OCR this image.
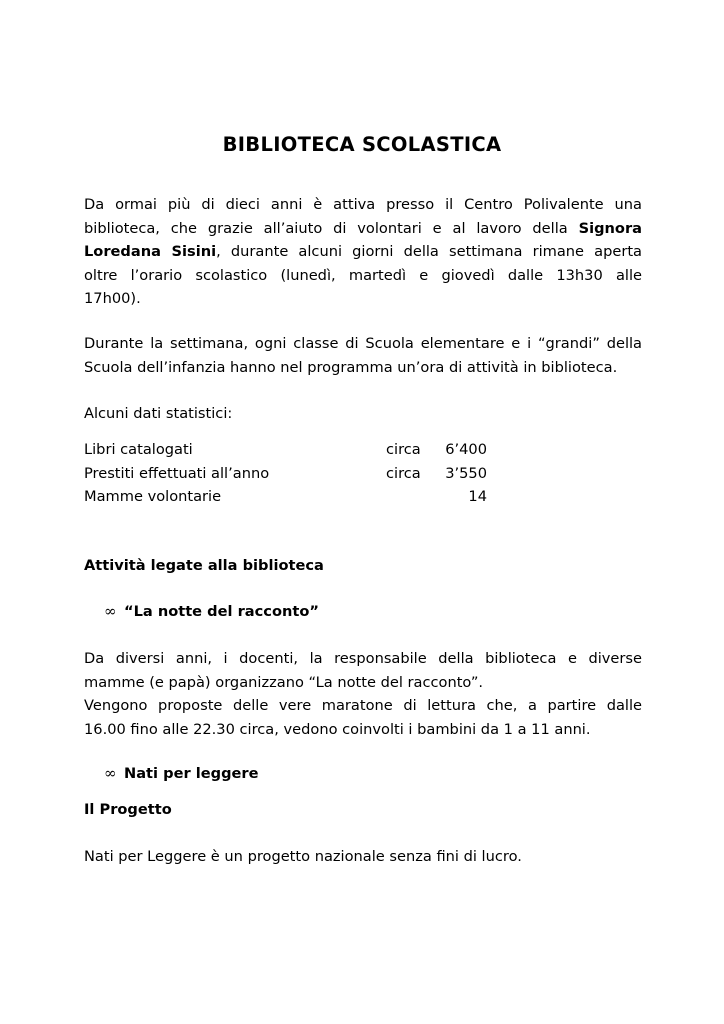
BIBLIOTECA SCOLASTICA
Da ormai più di dieci anni è attiva presso il Centro Polivalente una
biblioteca, che grazie all’aiuto di volontari e al lavoro della Signora
Loredana Sisini, durante alcuni giorni della settimana rimane aperta
oltre l’orario scolastico (lunedì, martedì e giovedì dalle 13h30 alle
17h00).
Durante la settimana, ogni classe di Scuola elementare e i “grandi” della
Scuola dell’infanzia hanno nel programma un’ora di attività in biblioteca.
Alcuni dati statistici:
Libri catalogati	circa 6’400
Prestiti effettuati all’anno	circa 3’550
Mamme volontarie	14
Attività legate alla biblioteca
∞ “La notte del racconto”
Da diversi anni, i docenti, la responsabile della biblioteca e diverse
mamme (e papà) organizzano “La notte del racconto”.
Vengono proposte delle vere maratone di lettura che, a partire dalle
16.00 fino alle 22.30 circa, vedono coinvolti i bambini da 1 a 11 anni.
∞ Nati per leggere
Il Progetto
Nati per Leggere è un progetto nazionale senza fini di lucro.
